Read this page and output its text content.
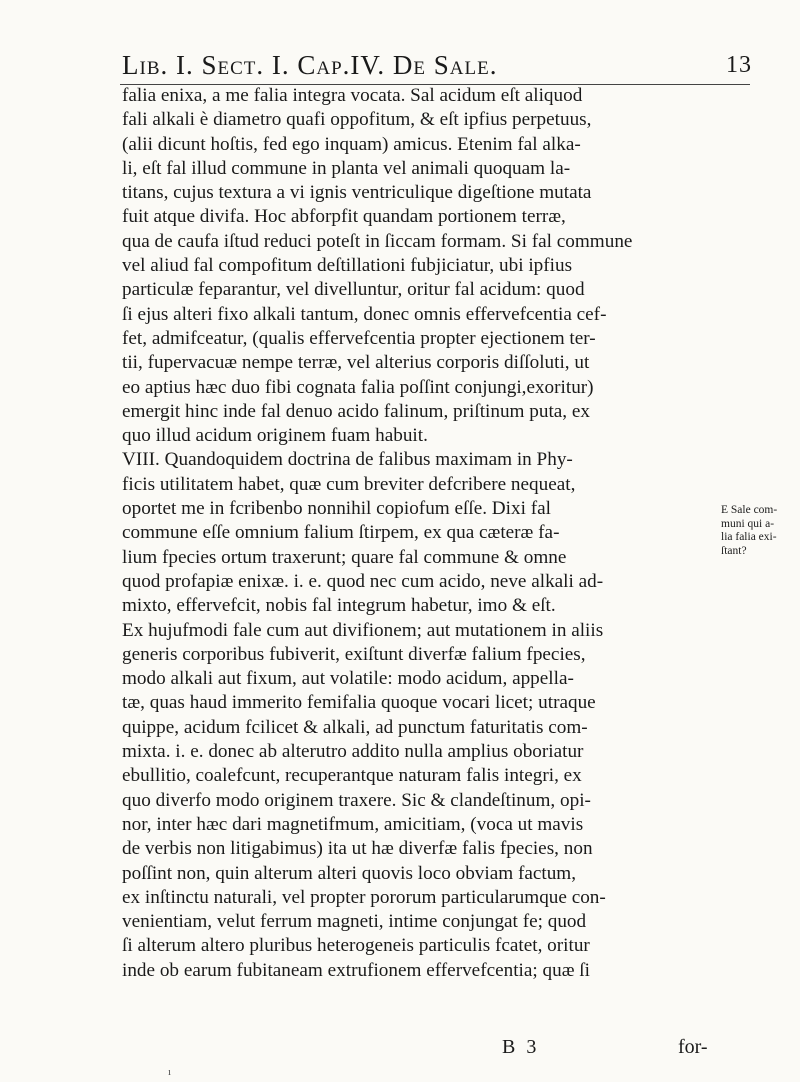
Lib. I. Sect. I. Cap.IV. De Sale.	13
falia enixa, a me falia integra vocata. Sal acidum eſt aliquod
fali alkali è diametro quafi oppofitum, & eſt ipfius perpetuus,
(alii dicunt hoſtis, fed ego inquam) amicus. Etenim fal alka-
li, eſt fal illud commune in planta vel animali quoquam la-
titans, cujus textura a vi ignis ventriculique digeſtione mutata
fuit atque divifa. Hoc abforpfit quandam portionem terræ,
qua de caufa iſtud reduci poteſt in ſiccam formam. Si fal commune
vel aliud fal compofitum deſtillationi fubjiciatur, ubi ipfius
particulæ feparantur, vel divelluntur, oritur fal acidum: quod
ſi ejus alteri fixo alkali tantum, donec omnis effervefcentia cef-
fet, admifceatur, (qualis effervefcentia propter ejectionem ter-
tii, fupervacuæ nempe terræ, vel alterius corporis diſſoluti, ut
eo aptius hæc duo fibi cognata falia poſſint conjungi,exoritur)
emergit hinc inde fal denuo acido falinum, priſtinum puta, ex
quo illud acidum originem fuam habuit.
VIII. Quandoquidem doctrina de falibus maximam in Phy-
ficis utilitatem habet, quæ cum breviter defcribere nequeat,
oportet me in fcribenbo nonnihil copiofum eſſe. Dixi fal
commune eſſe omnium falium ſtirpem, ex qua cæteræ fa-
lium fpecies ortum traxerunt; quare fal commune & omne
quod profapiæ enixæ. i. e. quod nec cum acido, neve alkali ad-
mixto, effervefcit, nobis fal integrum habetur, imo & eſt.
Ex hujufmodi fale cum aut divifionem; aut mutationem in aliis
generis corporibus fubiverit, exiſtunt diverfæ falium fpecies,
modo alkali aut fixum, aut volatile: modo acidum, appella-
tæ, quas haud immerito femifalia quoque vocari licet; utraque
quippe, acidum fcilicet & alkali, ad punctum faturitatis com-
mixta. i. e. donec ab alterutro addito nulla amplius oboriatur
ebullitio, coalefcunt, recuperantque naturam falis integri, ex
quo diverfo modo originem traxere. Sic & clandeſtinum, opi-
nor, inter hæc dari magnetifmum, amicitiam, (voca ut mavis
de verbis non litigabimus) ita ut hæ diverfæ falis fpecies, non
poſſint non, quin alterum alteri quovis loco obviam factum,
ex inſtinctu naturali, vel propter pororum particularumque con-
venientiam, velut ferrum magneti, intime conjungat fe; quod
ſi alterum altero pluribus heterogeneis particulis fcatet, oritur
inde ob earum fubitaneam extrufionem effervefcentia; quæ ſi
E Sale com-
muni qui a-
lia falia exi-
ſtant?
B 3	for-
ı
